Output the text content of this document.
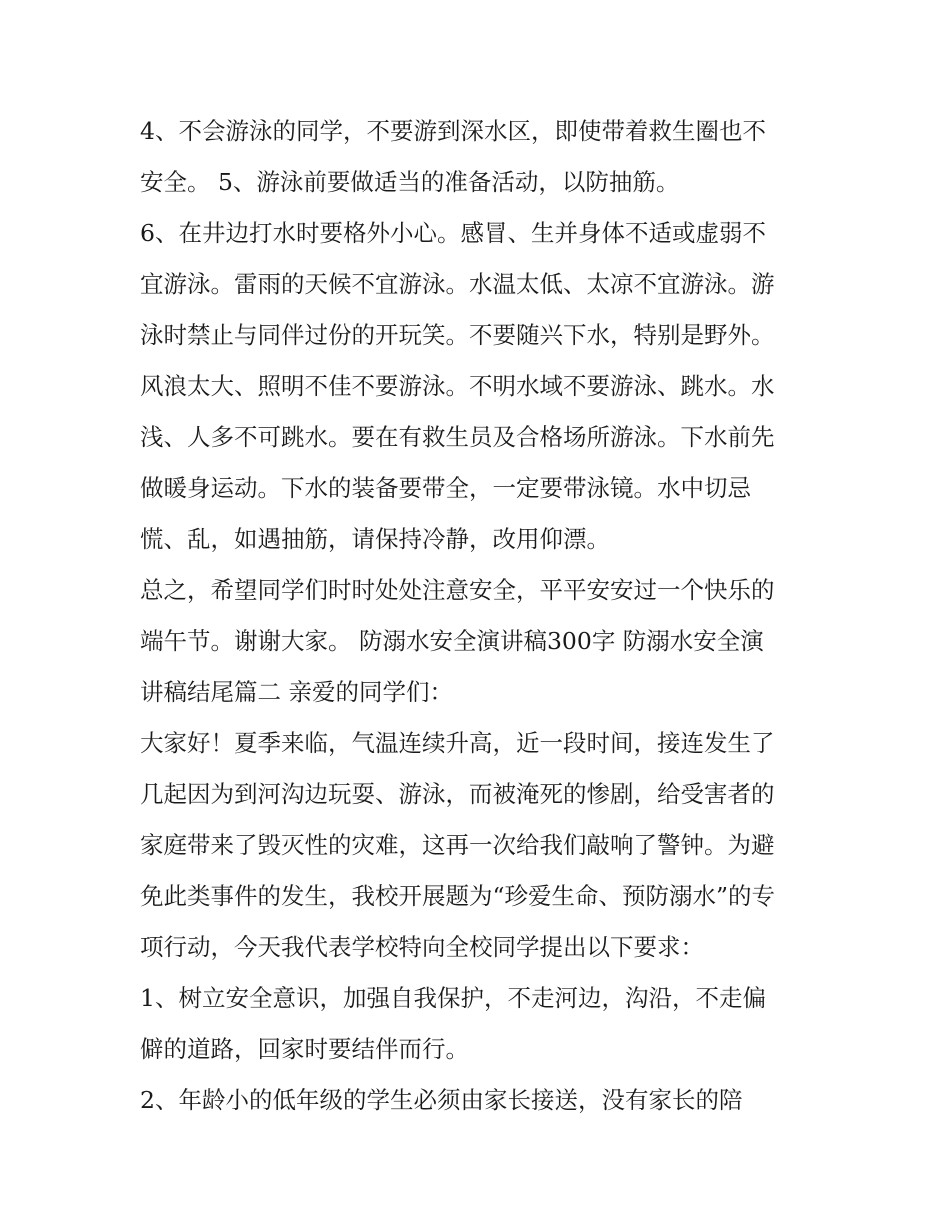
4、不会游泳的同学，不要游到深水区，即使带着救生圈也不
安全。 5、游泳前要做适当的准备活动，以防抽筋。
6、在井边打水时要格外小心。感冒、生并身体不适或虚弱不
宜游泳。雷雨的天候不宜游泳。水温太低、太凉不宜游泳。游
泳时禁止与同伴过份的开玩笑。不要随兴下水，特别是野外。
风浪太大、照明不佳不要游泳。不明水域不要游泳、跳水。水
浅、人多不可跳水。要在有救生员及合格场所游泳。下水前先
做暖身运动。下水的装备要带全，一定要带泳镜。水中切忌
慌、乱，如遇抽筋，请保持冷静，改用仰漂。
总之，希望同学们时时处处注意安全，平平安安过一个快乐的
端午节。谢谢大家。 防溺水安全演讲稿300字 防溺水安全演
讲稿结尾篇二 亲爱的同学们：
大家好！夏季来临，气温连续升高，近一段时间，接连发生了
几起因为到河沟边玩耍、游泳，而被淹死的惨剧，给受害者的
家庭带来了毁灭性的灾难，这再一次给我们敲响了警钟。为避
免此类事件的发生，我校开展题为“珍爱生命、预防溺水”的专
项行动，今天我代表学校特向全校同学提出以下要求：
1、树立安全意识，加强自我保护，不走河边，沟沿，不走偏
僻的道路，回家时要结伴而行。
2、年龄小的低年级的学生必须由家长接送，没有家长的陪
